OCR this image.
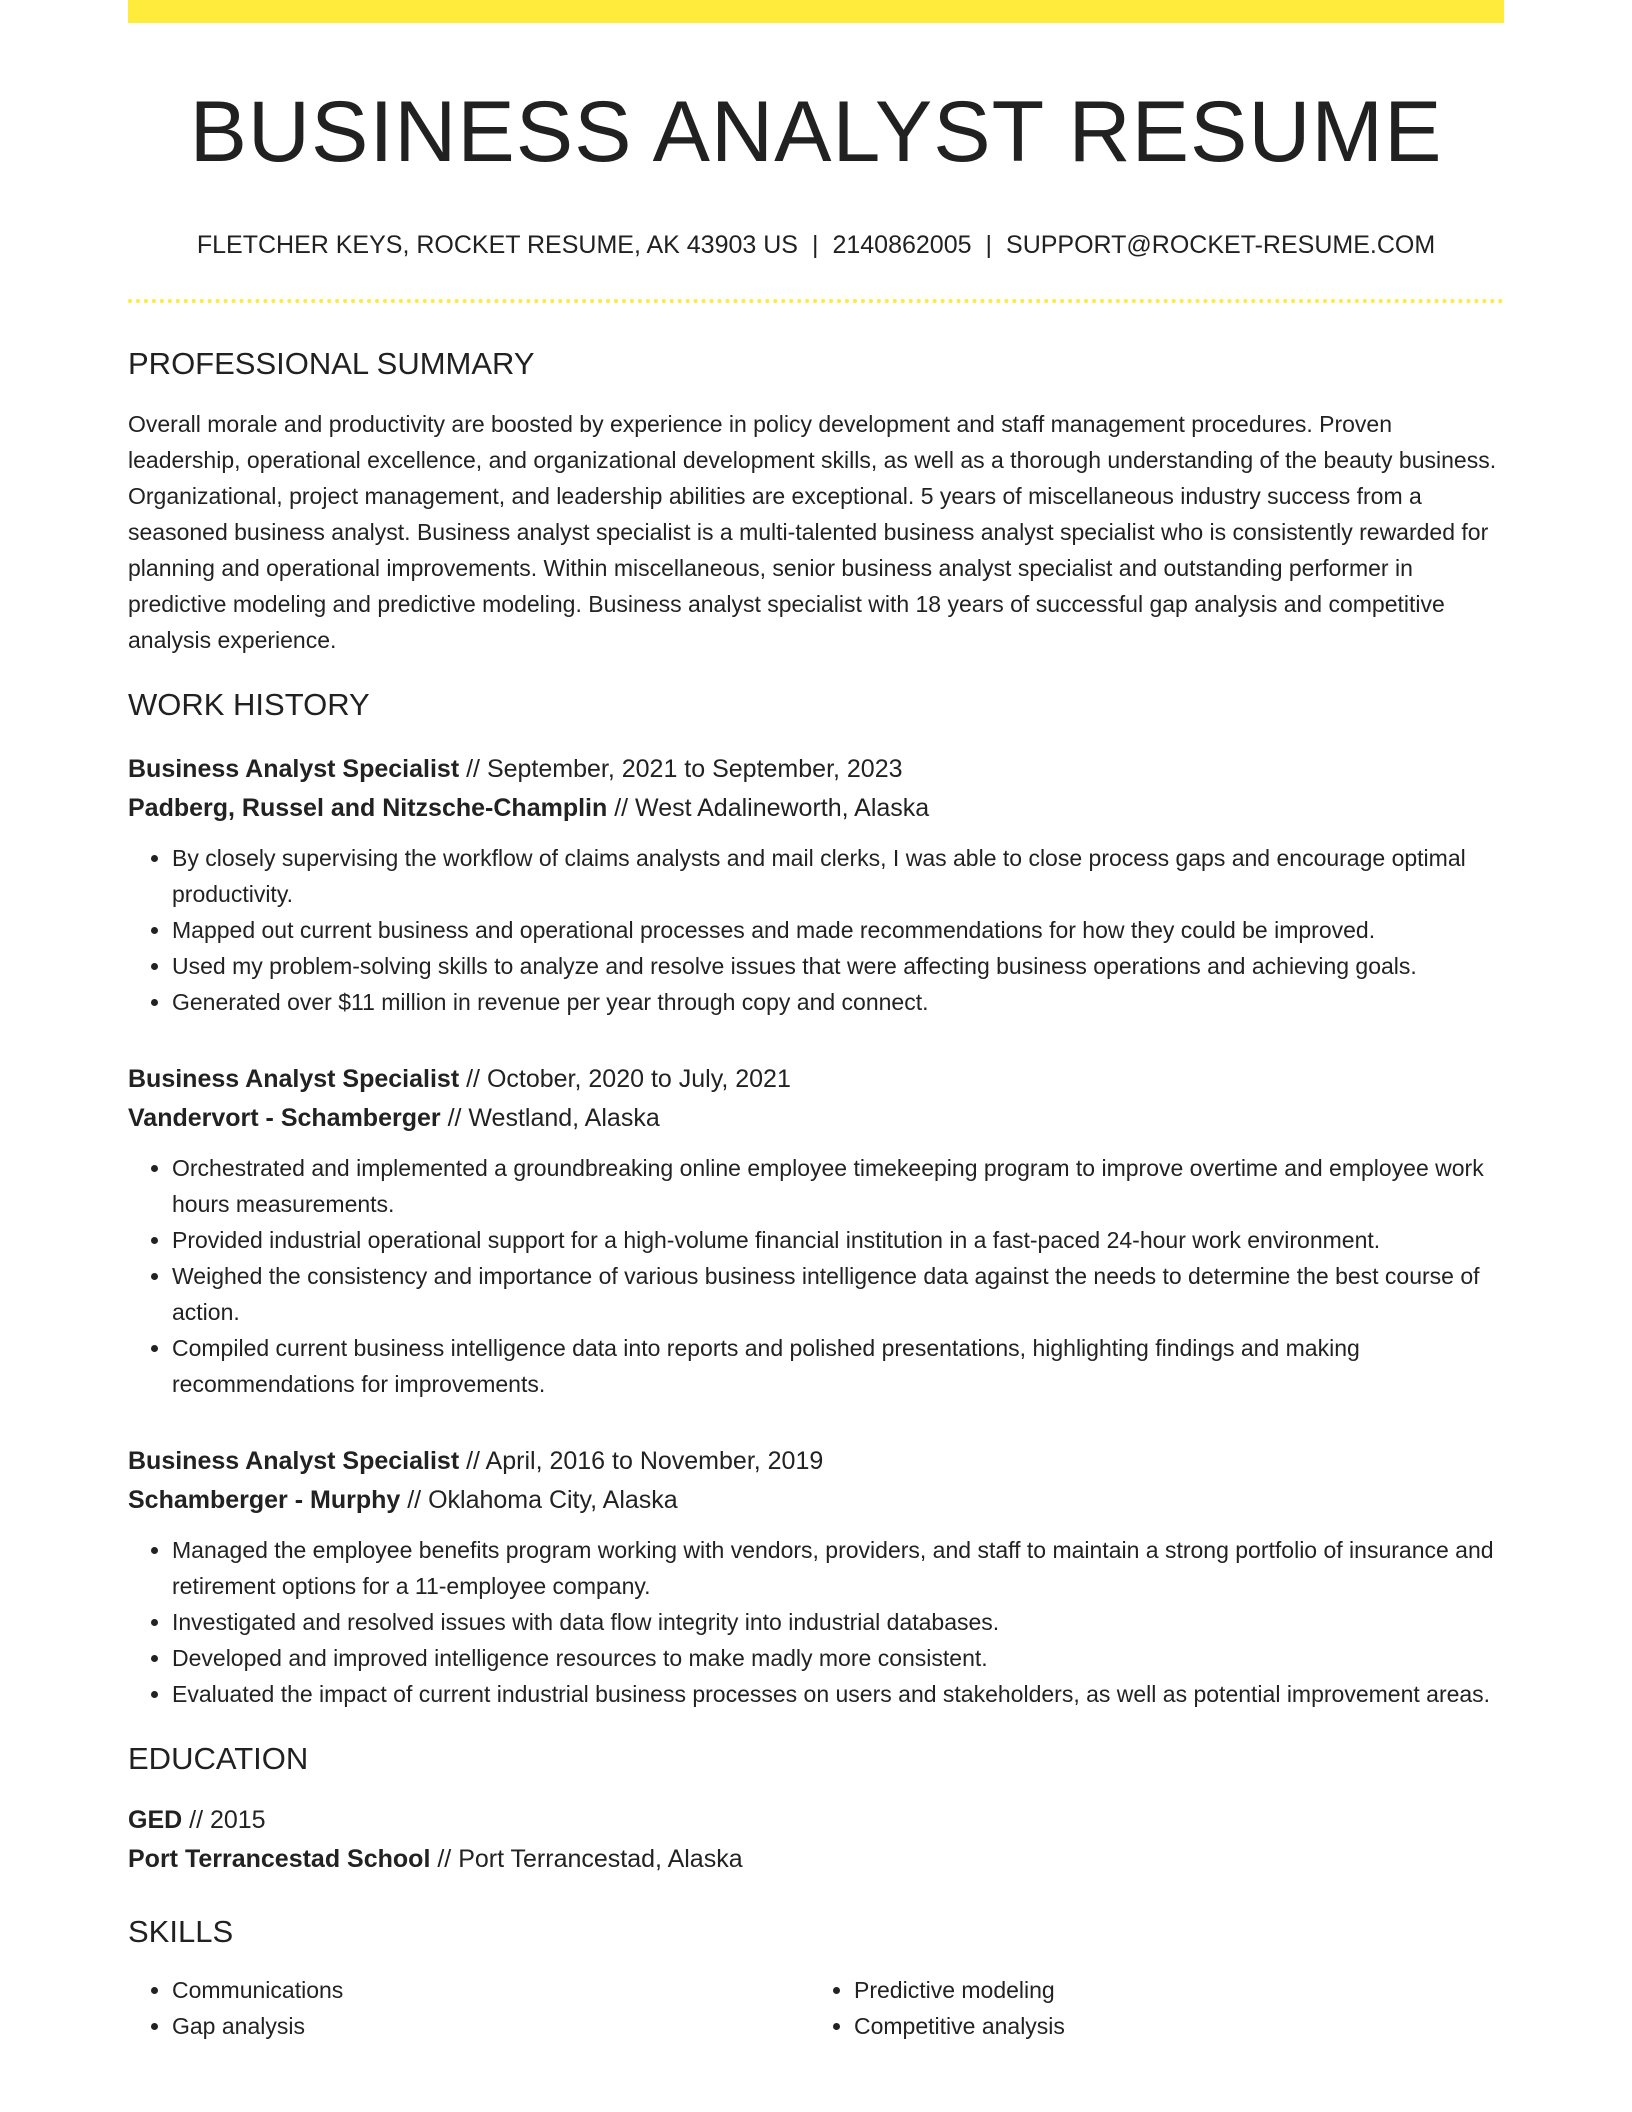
BUSINESS ANALYST RESUME
FLETCHER KEYS, ROCKET RESUME, AK 43903 US | 2140862005 | SUPPORT@ROCKET-RESUME.COM
PROFESSIONAL SUMMARY

Overall morale and productivity are boosted by experience in policy development and staff management procedures. Proven leadership, operational excellence, and organizational development skills, as well as a thorough understanding of the beauty business. Organizational, project management, and leadership abilities are exceptional. 5 years of miscellaneous industry success from a seasoned business analyst. Business analyst specialist is a multi-talented business analyst specialist who is consistently rewarded for planning and operational improvements. Within miscellaneous, senior business analyst specialist and outstanding performer in predictive modeling and predictive modeling. Business analyst specialist with 18 years of successful gap analysis and competitive analysis experience.

WORK HISTORY
Business Analyst Specialist // September, 2021 to September, 2023
Padberg, Russel and Nitzsche-Champlin // West Adalineworth, Alaska
• By closely supervising the workflow of claims analysts and mail clerks, I was able to close process gaps and encourage optimal productivity.
• Mapped out current business and operational processes and made recommendations for how they could be improved.
• Used my problem-solving skills to analyze and resolve issues that were affecting business operations and achieving goals.
• Generated over $11 million in revenue per year through copy and connect.
Business Analyst Specialist // October, 2020 to July, 2021
Vandervort - Schamberger // Westland, Alaska
• Orchestrated and implemented a groundbreaking online employee timekeeping program to improve overtime and employee work hours measurements.
• Provided industrial operational support for a high-volume financial institution in a fast-paced 24-hour work environment.
• Weighed the consistency and importance of various business intelligence data against the needs to determine the best course of action.
• Compiled current business intelligence data into reports and polished presentations, highlighting findings and making recommendations for improvements.
Business Analyst Specialist // April, 2016 to November, 2019
Schamberger - Murphy // Oklahoma City, Alaska
• Managed the employee benefits program working with vendors, providers, and staff to maintain a strong portfolio of insurance and retirement options for a 11-employee company.
• Investigated and resolved issues with data flow integrity into industrial databases.
• Developed and improved intelligence resources to make madly more consistent.
• Evaluated the impact of current industrial business processes on users and stakeholders, as well as potential improvement areas.
EDUCATION
GED // 2015
Port Terrancestad School // Port Terrancestad, Alaska
SKILLS
• Communications
• Gap analysis
• Predictive modeling
• Competitive analysis
